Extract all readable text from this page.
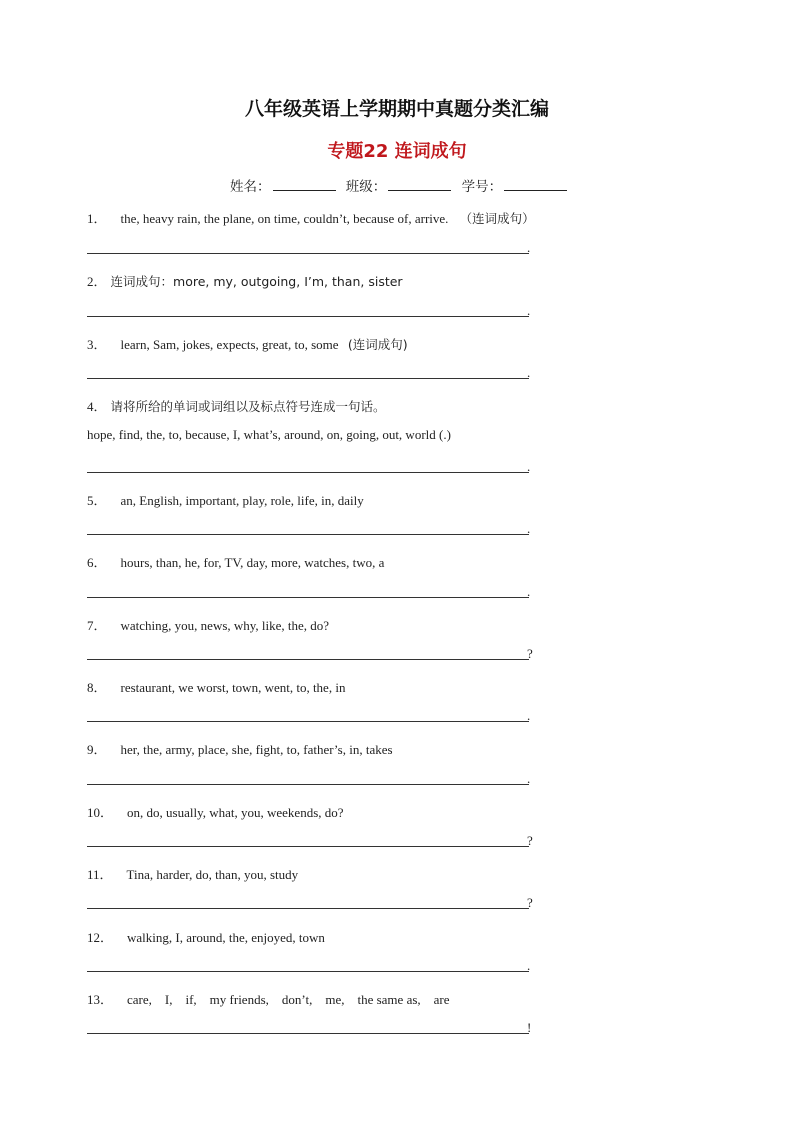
八年级英语上学期期中真题分类汇编
专题22 连词成句
姓名：	班级：	学号：
1． the, heavy rain, the plane, on time, couldn’t, because of, arrive. （连词成句）
.
2． 连词成句：more, my, outgoing, I’m, than, sister
.
3． learn, Sam, jokes, expects, great, to, some (连词成句)
.
4． 请将所给的单词或词组以及标点符号连成一句话。
hope, find, the, to, because, I, what’s, around, on, going, out, world (.)
.
5． an, English, important, play, role, life, in, daily
.
6． hours, than, he, for, TV, day, more, watches, two, a
.
7． watching, you, news, why, like, the, do?
?
8． restaurant, we worst, town, went, to, the, in
.
9． her, the, army, place, she, fight, to, father’s, in, takes
.
10． on, do, usually, what, you, weekends, do?
?
11． Tina, harder, do, than, you, study
?
12． walking, I, around, the, enjoyed, town
.
13． care,    I,    if,    my friends,    don’t,    me,    the same as,    are
!
